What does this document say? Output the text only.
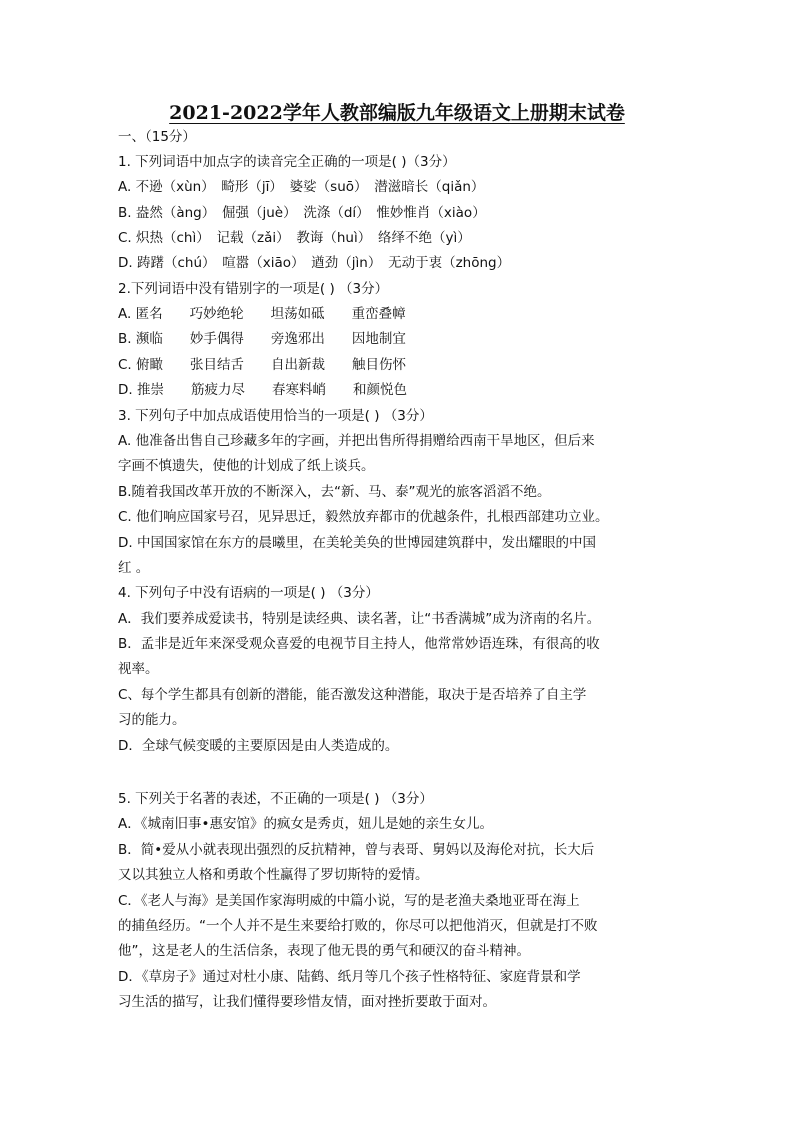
2021-2022学年人教部编版九年级语文上册期末试卷
一、（15分）
1. 下列词语中加点字的读音完全正确的一项是( )（3分）
A. 不逊（xùn）　畸形（jī）　婆娑（suō）　潜滋暗长（qiǎn）
B. 盎然（àng）　倔强（juè）　洗涤（dí）　惟妙惟肖（xiào）
C. 炽热（chì）　记载（zǎi）　教诲（huì）　络绎不绝（yì）
D. 踌躇（chú）　喧嚣（xiāo）　遒劲（jìn）　无动于衷（zhōng）
2.下列词语中没有错别字的一项是( ) （3分）
A. 匿名　　巧妙绝轮　　坦荡如砥　　重峦叠幛
B. 濒临　　妙手偶得　　旁逸邪出　　因地制宜
C. 俯瞰　　张目结舌　　自出新裁　　触目伤怀
D. 推崇　　筋疲力尽　　春寒料峭　　和颜悦色
3. 下列句子中加点成语使用恰当的一项是( ) （3分）
A. 他准备出售自己珍藏多年的字画，并把出售所得捐赠给西南干旱地区，但后来
字画不慎遗失，使他的计划成了纸上谈兵。
B.随着我国改革开放的不断深入，去“新、马、泰”观光的旅客滔滔不绝。
C. 他们响应国家号召，见异思迁，毅然放弃都市的优越条件，扎根西部建功立业。
D. 中国国家馆在东方的晨曦里，在美轮美奂的世博园建筑群中，发出耀眼的中国
红 。
4. 下列句子中没有语病的一项是( ) （3分）
A．我们要养成爱读书，特别是读经典、读名著，让“书香满城”成为济南的名片。
B．孟非是近年来深受观众喜爱的电视节目主持人，他常常妙语连珠，有很高的收
视率。
C、每个学生都具有创新的潜能，能否激发这种潜能，取决于是否培养了自主学
习的能力。
D．全球气候变暖的主要原因是由人类造成的。
5. 下列关于名著的表述，不正确的一项是( ) （3分）
A．《城南旧事•惠安馆》的疯女是秀贞，妞儿是她的亲生女儿。
B．简•爱从小就表现出强烈的反抗精神，曾与表哥、舅妈以及海伦对抗，长大后
又以其独立人格和勇敢个性赢得了罗切斯特的爱情。
C．《老人与海》是美国作家海明威的中篇小说，写的是老渔夫桑地亚哥在海上
的捕鱼经历。“一个人并不是生来要给打败的，你尽可以把他消灭，但就是打不败
他”，这是老人的生活信条，表现了他无畏的勇气和硬汉的奋斗精神。
D．《草房子》通过对杜小康、陆鹤、纸月等几个孩子性格特征、家庭背景和学
习生活的描写，让我们懂得要珍惜友情，面对挫折要敢于面对。
